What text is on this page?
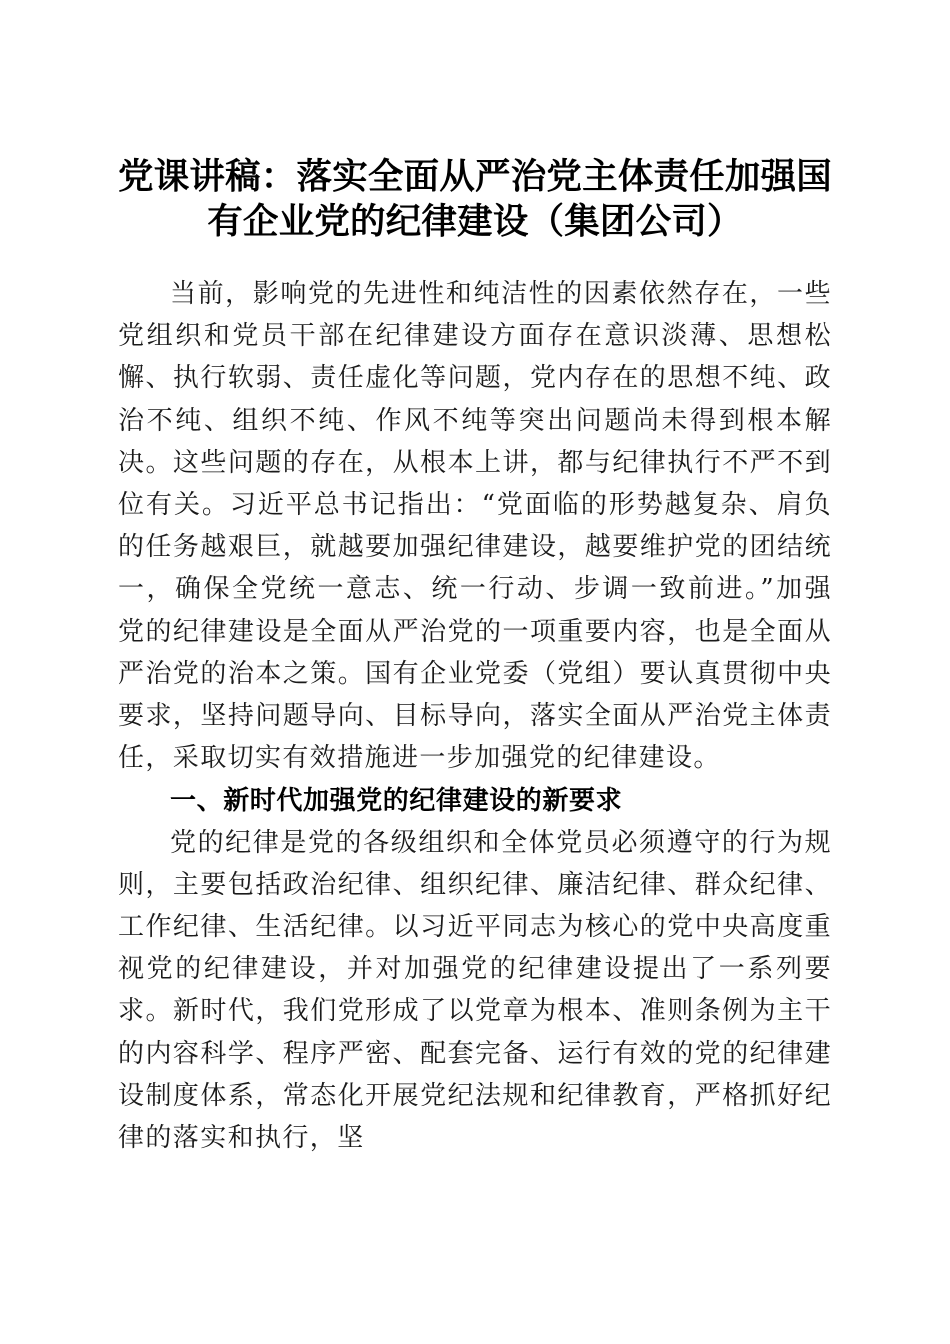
党课讲稿：落实全面从严治党主体责任加强国
有企业党的纪律建设（集团公司）

当前，影响党的先进性和纯洁性的因素依然存在，一些党组织和党员干部在纪律建设方面存在意识淡薄、思想松懈、执行软弱、责任虚化等问题，党内存在的思想不纯、政治不纯、组织不纯、作风不纯等突出问题尚未得到根本解决。这些问题的存在，从根本上讲，都与纪律执行不严不到位有关。习近平总书记指出：“党面临的形势越复杂、肩负的任务越艰巨，就越要加强纪律建设，越要维护党的团结统一，确保全党统一意志、统一行动、步调一致前进。”加强党的纪律建设是全面从严治党的一项重要内容，也是全面从严治党的治本之策。国有企业党委（党组）要认真贯彻中央要求，坚持问题导向、目标导向，落实全面从严治党主体责任，采取切实有效措施进一步加强党的纪律建设。

一、新时代加强党的纪律建设的新要求

党的纪律是党的各级组织和全体党员必须遵守的行为规则，主要包括政治纪律、组织纪律、廉洁纪律、群众纪律、工作纪律、生活纪律。以习近平同志为核心的党中央高度重视党的纪律建设，并对加强党的纪律建设提出了一系列要求。新时代，我们党形成了以党章为根本、准则条例为主干的内容科学、程序严密、配套完备、运行有效的党的纪律建设制度体系，常态化开展党纪法规和纪律教育，严格抓好纪律的落实和执行，坚
